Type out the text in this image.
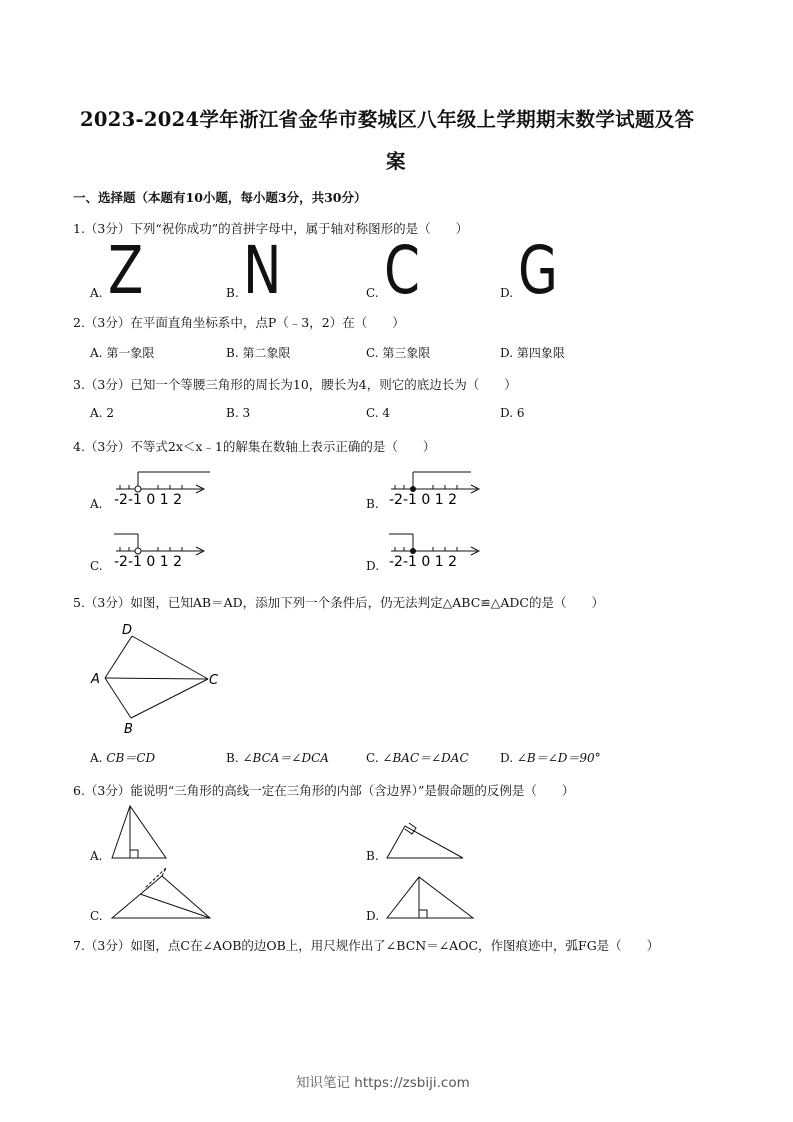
2023-2024学年浙江省金华市婺城区八年级上学期期末数学试题及答
案
一、选择题（本题有10小题，每小题3分，共30分）
1.（3分）下列“祝你成功”的首拼字母中，属于轴对称图形的是（　　）
A. Z	B. N	C. C	D. G
2.（3分）在平面直角坐标系中，点P（﹣3，2）在（　　）
A. 第一象限	B. 第二象限	C. 第三象限	D. 第四象限
3.（3分）已知一个等腰三角形的周长为10，腰长为4，则它的底边长为（　　）
A. 2	B. 3	C. 4	D. 6
4.（3分）不等式2x＜x﹣1的解集在数轴上表示正确的是（　　）
A. -2-1 0 1 2	B. -2-1 0 1 2
C. -2-1 0 1 2	D. -2-1 0 1 2
5.（3分）如图，已知AB＝AD，添加下列一个条件后，仍无法判定△ABC≌△ADC的是（　　）
D
A	C
B
A. CB＝CD	B. ∠BCA＝∠DCA	C. ∠BAC＝∠DAC	D. ∠B＝∠D＝90°
6.（3分）能说明“三角形的高线一定在三角形的内部（含边界）”是假命题的反例是（　　）
A.	B.
C.	D.
7.（3分）如图，点C在∠AOB的边OB上，用尺规作出了∠BCN＝∠AOC，作图痕迹中，弧FG是（　　）
知识笔记 https://zsbiji.com
